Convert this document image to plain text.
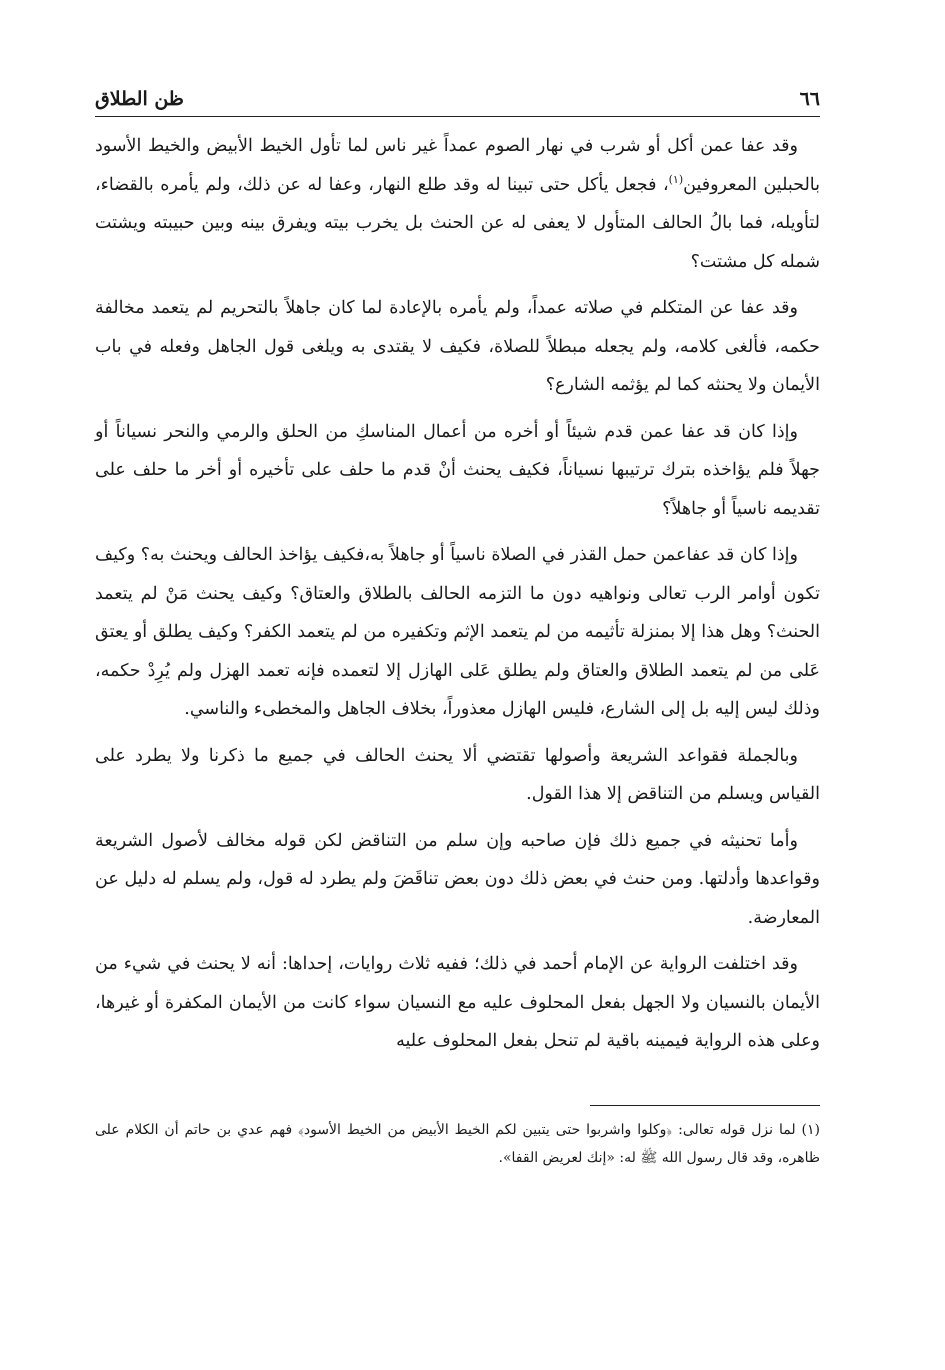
٦٦
ظن الطلاق

وقد عفا عمن أكل أو شرب في نهار الصوم عمداً غير ناس لما تأول الخيط الأبيض والخيط الأسود بالحبلين المعروفين$^{(١)}$، فجعل يأكل حتى تبينا له وقد طلع النهار، وعفا له عن ذلك، ولم يأمره بالقضاء، لتأويله، فما بالُ الحالف المتأول لا يعفى له عن الحنث بل يخرب بيته ويفرق بينه وبين حبيبته ويشتت شمله كل مشتت؟

وقد عفا عن المتكلم في صلاته عمداً، ولم يأمره بالإعادة لما كان جاهلاً بالتحريم لم يتعمد مخالفة حكمه، فألغى كلامه، ولم يجعله مبطلاً للصلاة، فكيف لا يقتدى به ويلغى قول الجاهل وفعله في باب الأيمان ولا يحنثه كما لم يؤثمه الشارع؟

وإذا كان قد عفا عمن قدم شيئاً أو أخره من أعمال المناسكِ من الحلق والرمي والنحر نسياناً أو جهلاً فلم يؤاخذه بترك ترتيبها نسياناً، فكيف يحنث أنْ قدم ما حلف على تأخيره أو أخر ما حلف على تقديمه ناسياً أو جاهلاً؟

وإذا كان قد عفاعمن حمل القذر في الصلاة ناسياً أو جاهلاً به،فكيف يؤاخذ الحالف ويحنث به؟ وكيف تكون أوامر الرب تعالى ونواهيه دون ما التزمه الحالف بالطلاق والعتاق؟ وكيف يحنث مَنْ لم يتعمد الحنث؟ وهل هذا إلا بمنزلة تأثيمه من لم يتعمد الإثم وتكفيره من لم يتعمد الكفر؟ وكيف يطلق أو يعتق عَلى من لم يتعمد الطلاق والعتاق ولم يطلق عَلى الهازل إلا لتعمده فإنه تعمد الهزل ولم يُرِدْ حكمه، وذلك ليس إليه بل إلى الشارع، فليس الهازل معذوراً، بخلاف الجاهل والمخطىء والناسي.

وبالجملة فقواعد الشريعة وأصولها تقتضي ألا يحنث الحالف في جميع ما ذكرنا ولا يطرد على القياس ويسلم من التناقض إلا هذا القول.

وأما تحنيثه في جميع ذلك فإن صاحبه وإن سلم من التناقض لكن قوله مخالف لأصول الشريعة وقواعدها وأدلتها. ومن حنث في بعض ذلك دون بعض تناقَضَ ولم يطرد له قول، ولم يسلم له دليل عن المعارضة.

وقد اختلفت الرواية عن الإمام أحمد في ذلك؛ ففيه ثلاث روايات، إحداها: أنه لا يحنث في شيء من الأيمان بالنسيان ولا الجهل بفعل المحلوف عليه مع النسيان سواء كانت من الأيمان المكفرة أو غيرها، وعلى هذه الرواية فيمينه باقية لم تنحل بفعل المحلوف عليه

(١) لما نزل قوله تعالى: ﴿وكلوا واشربوا حتى يتبين لكم الخيط الأبيض من الخيط الأسود﴾ فهم عدي بن حاتم أن الكلام على ظاهره، وقد قال رسول الله ﷺ له: «إنك لعريض القفا».
